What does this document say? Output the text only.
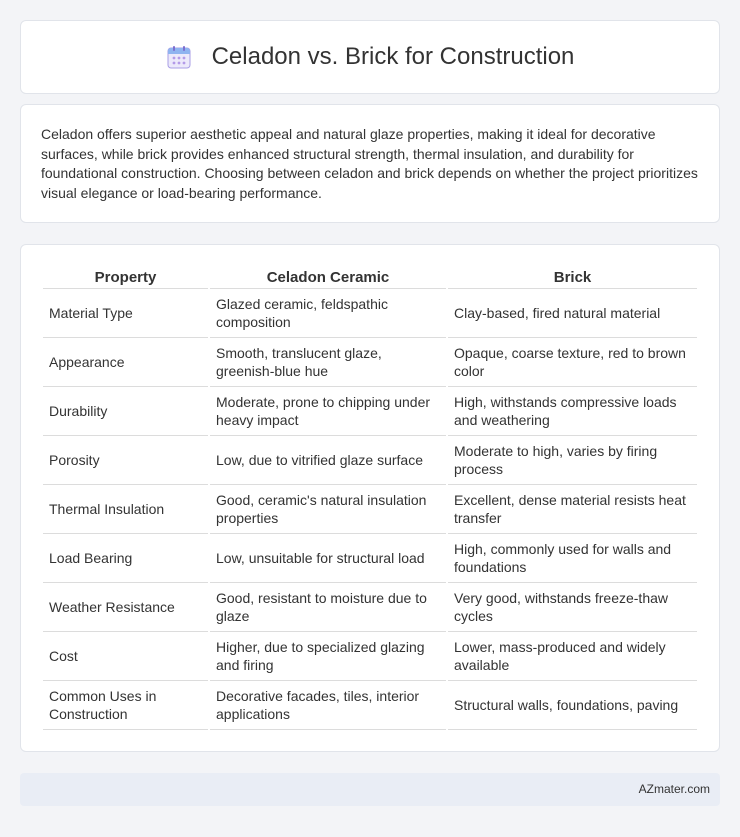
Celadon vs. Brick for Construction

Celadon offers superior aesthetic appeal and natural glaze properties, making it ideal for decorative surfaces, while brick provides enhanced structural strength, thermal insulation, and durability for foundational construction. Choosing between celadon and brick depends on whether the project prioritizes visual elegance or load-bearing performance.

Property	Celadon Ceramic	Brick
Material Type	Glazed ceramic, feldspathic composition	Clay-based, fired natural material
Appearance	Smooth, translucent glaze, greenish-blue hue	Opaque, coarse texture, red to brown color
Durability	Moderate, prone to chipping under heavy impact	High, withstands compressive loads and weathering
Porosity	Low, due to vitrified glaze surface	Moderate to high, varies by firing process
Thermal Insulation	Good, ceramic's natural insulation properties	Excellent, dense material resists heat transfer
Load Bearing	Low, unsuitable for structural load	High, commonly used for walls and foundations
Weather Resistance	Good, resistant to moisture due to glaze	Very good, withstands freeze-thaw cycles
Cost	Higher, due to specialized glazing and firing	Lower, mass-produced and widely available
Common Uses in Construction	Decorative facades, tiles, interior applications	Structural walls, foundations, paving
AZmater.com
